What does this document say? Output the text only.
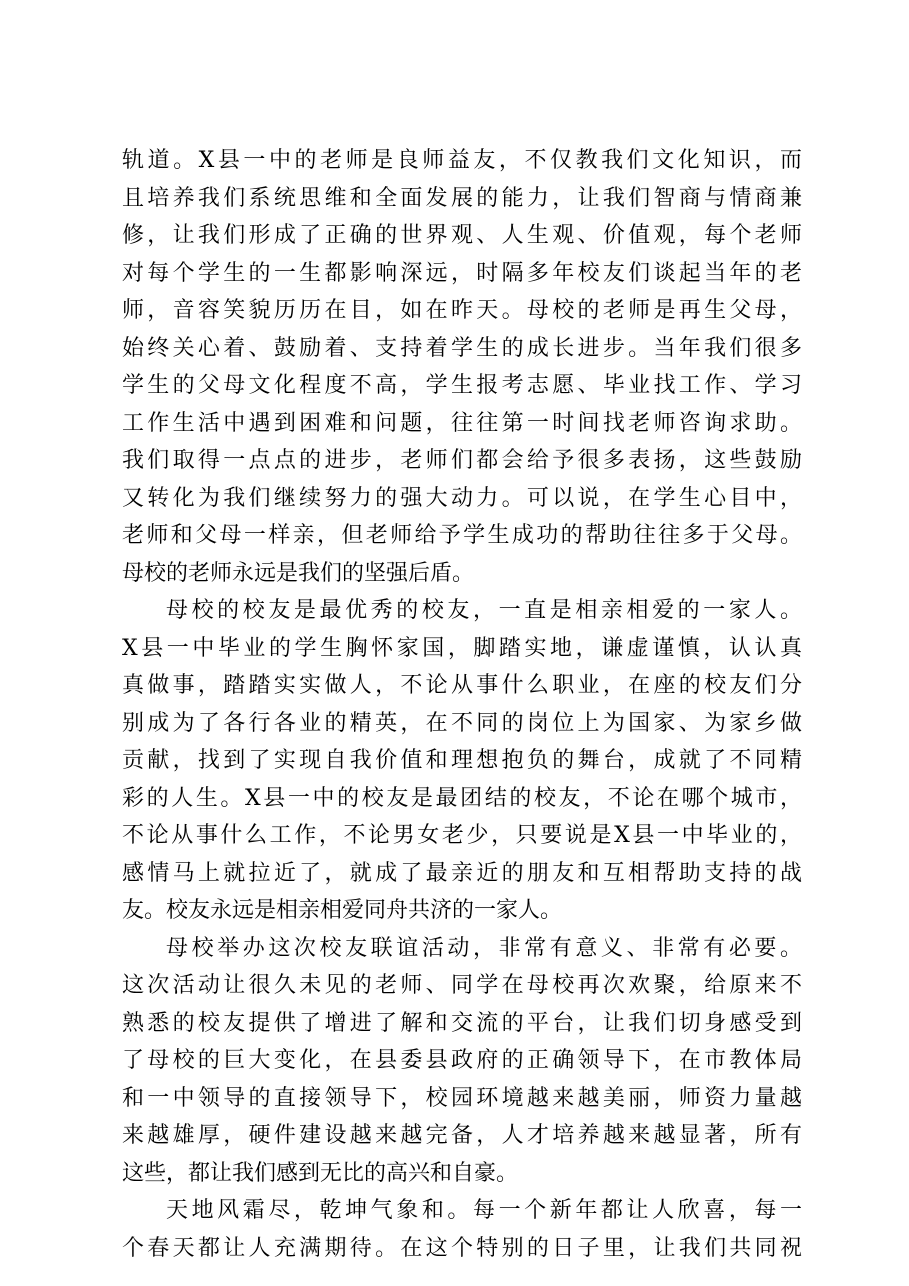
轨道。X县一中的老师是良师益友，不仅教我们文化知识，而
且培养我们系统思维和全面发展的能力，让我们智商与情商兼
修，让我们形成了正确的世界观、人生观、价值观，每个老师
对每个学生的一生都影响深远，时隔多年校友们谈起当年的老
师，音容笑貌历历在目，如在昨天。母校的老师是再生父母，
始终关心着、鼓励着、支持着学生的成长进步。当年我们很多
学生的父母文化程度不高，学生报考志愿、毕业找工作、学习
工作生活中遇到困难和问题，往往第一时间找老师咨询求助。
我们取得一点点的进步，老师们都会给予很多表扬，这些鼓励
又转化为我们继续努力的强大动力。可以说，在学生心目中，
老师和父母一样亲，但老师给予学生成功的帮助往往多于父母。
母校的老师永远是我们的坚强后盾。
母校的校友是最优秀的校友，一直是相亲相爱的一家人。
X县一中毕业的学生胸怀家国，脚踏实地，谦虚谨慎，认认真
真做事，踏踏实实做人，不论从事什么职业，在座的校友们分
别成为了各行各业的精英，在不同的岗位上为国家、为家乡做
贡献，找到了实现自我价值和理想抱负的舞台，成就了不同精
彩的人生。X县一中的校友是最团结的校友，不论在哪个城市，
不论从事什么工作，不论男女老少，只要说是X县一中毕业的，
感情马上就拉近了，就成了最亲近的朋友和互相帮助支持的战
友。校友永远是相亲相爱同舟共济的一家人。
母校举办这次校友联谊活动，非常有意义、非常有必要。
这次活动让很久未见的老师、同学在母校再次欢聚，给原来不
熟悉的校友提供了增进了解和交流的平台，让我们切身感受到
了母校的巨大变化，在县委县政府的正确领导下，在市教体局
和一中领导的直接领导下，校园环境越来越美丽，师资力量越
来越雄厚，硬件建设越来越完备，人才培养越来越显著，所有
这些，都让我们感到无比的高兴和自豪。
天地风霜尽，乾坤气象和。每一个新年都让人欣喜，每一
个春天都让人充满期待。在这个特别的日子里，让我们共同祝
